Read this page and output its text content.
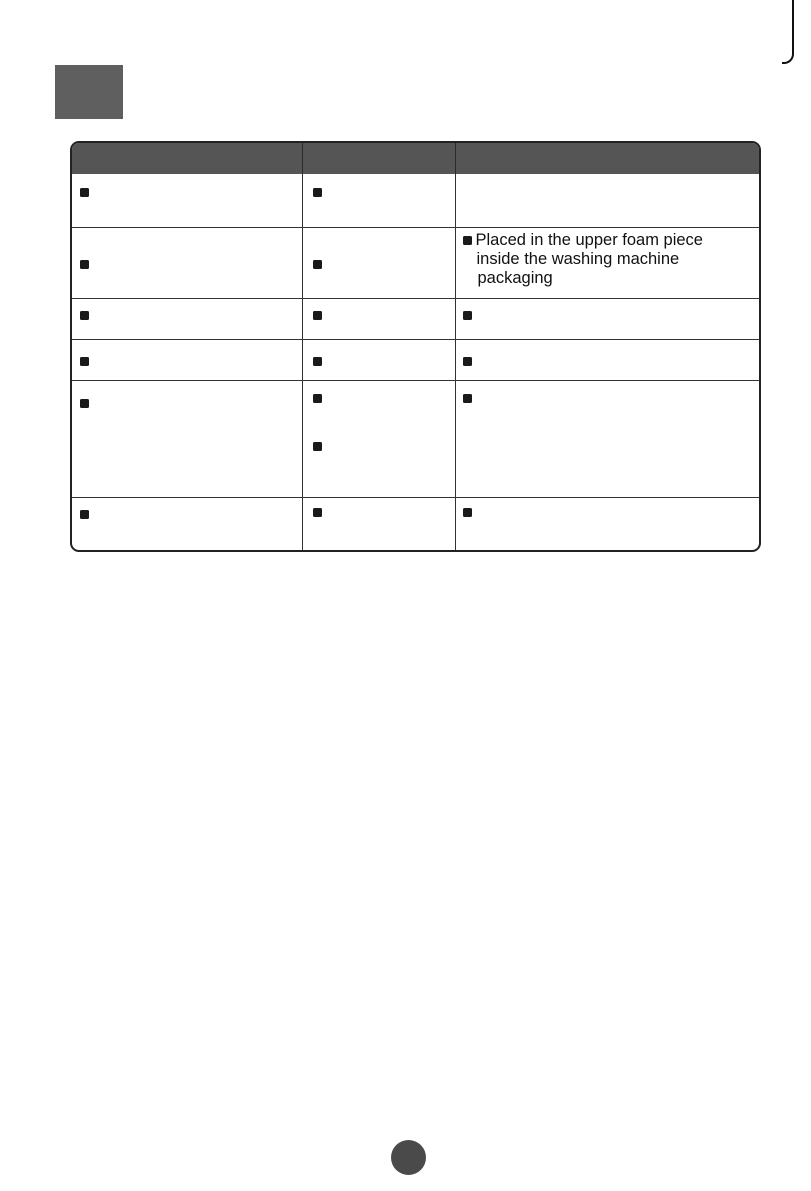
		Placed in the upper foam piece
inside the washing machine
packaging
